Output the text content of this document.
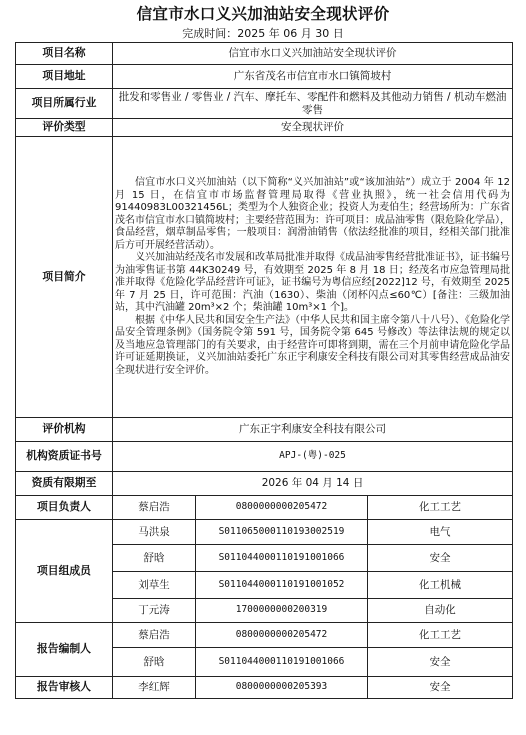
信宜市水口义兴加油站安全现状评价
完成时间：2025 年 06 月 30 日
项目名称	信宜市水口义兴加油站安全现状评价		
项目地址	广东省茂名市信宜市水口镇简坡村		
项目所属行业	批发和零售业 / 零售业 / 汽车、摩托车、零配件和燃料及其他动力销售 / 机动车燃油零售		
评价类型	安全现状评价		
项目简介	信宜市水口义兴加油站（以下简称“义兴加油站”或“该加油站”）成立于 2004 年 12 月 15 日，在信宜市市场监督管理局取得《营业执照》，统一社会信用代码为 91440983L00321456L；类型为个人独资企业；投资人为麦伯生；经营场所为：广东省茂名市信宜市水口镇简坡村；主要经营范围为：许可项目：成品油零售（限危险化学品），食品经营，烟草制品零售；一般项目：润滑油销售（依法经批准的项目，经相关部门批准后方可开展经营活动）。
义兴加油站经茂名市发展和改革局批准并取得《成品油零售经营批准证书》，证书编号为油零售证书第 44K30249 号，有效期至 2025 年 8 月 18 日；经茂名市应急管理局批准并取得《危险化学品经营许可证》，证书编号为粤信应经[2022]12 号，有效期至 2025 年 7 月 25 日，许可范围：汽油（1630）、柴油（闭杯闪点≤60℃）[备注：三级加油站，其中汽油罐 20m³×2 个；柴油罐 10m³×1 个]。
根据《中华人民共和国安全生产法》（中华人民共和国主席令第八十八号）、《危险化学品安全管理条例》（国务院令第 591 号，国务院令第 645 号修改）等法律法规的规定以及当地应急管理部门的有关要求，由于经营许可即将到期，需在三个月前申请危险化学品许可证延期换证，义兴加油站委托广东正宇利康安全科技有限公司对其零售经营成品油安全现状进行安全评价。		

评价机构	广东正宇利康安全科技有限公司		
机构资质证书号	APJ-(粤)-025		
资质有限期至	2026 年 04 月 14 日		
项目负责人	蔡启浩	0800000000205472	化工工艺
项目组成员	马洪泉	S011065000110193002519	电气
	舒晗	S011044000110191001066	安全
	刘草生	S011044000110191001052	化工机械
	丁元涛	1700000000200319	自动化
报告编制人	蔡启浩	0800000000205472	化工工艺
	舒晗	S011044000110191001066	安全
报告审核人	李红辉	0800000000205393	安全
